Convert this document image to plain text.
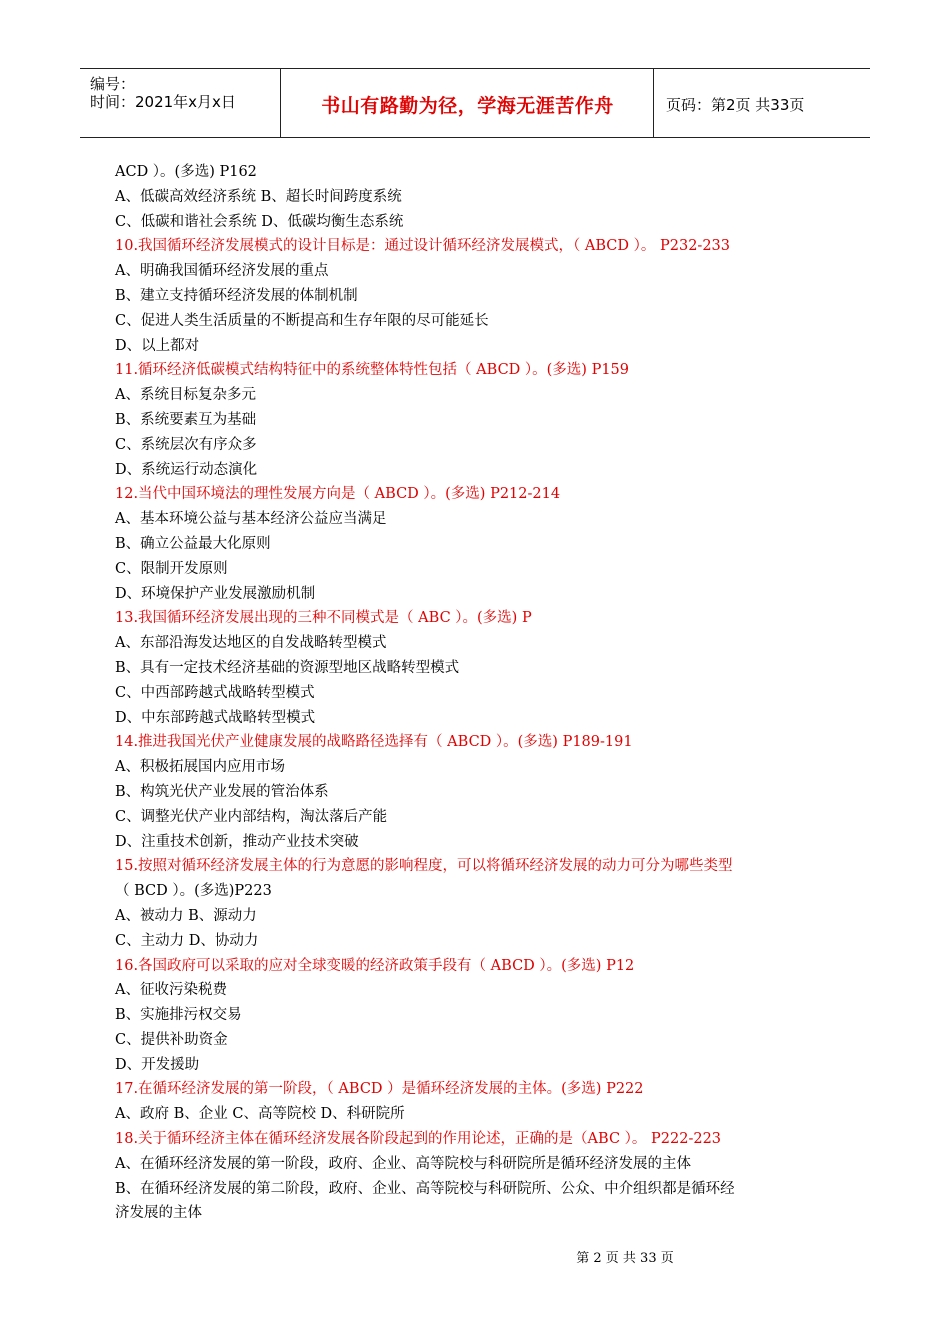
编号：
时间：2021年x月x日	书山有路勤为径，学海无涯苦作舟	页码：第2页 共33页
ACD ）。(多选) P162
A、低碳高效经济系统 B、超长时间跨度系统
C、低碳和谐社会系统 D、低碳均衡生态系统
10.我国循环经济发展模式的设计目标是：通过设计循环经济发展模式，（ ABCD ）。 P232-233
A、明确我国循环经济发展的重点
B、建立支持循环经济发展的体制机制
C、促进人类生活质量的不断提高和生存年限的尽可能延长
D、以上都对
11.循环经济低碳模式结构特征中的系统整体特性包括（ ABCD ）。(多选) P159
A、系统目标复杂多元
B、系统要素互为基础
C、系统层次有序众多
D、系统运行动态演化
12.当代中国环境法的理性发展方向是（ ABCD ）。(多选) P212-214
A、基本环境公益与基本经济公益应当满足
B、确立公益最大化原则
C、限制开发原则
D、环境保护产业发展激励机制
13.我国循环经济发展出现的三种不同模式是（ ABC ）。(多选) P
A、东部沿海发达地区的自发战略转型模式
B、具有一定技术经济基础的资源型地区战略转型模式
C、中西部跨越式战略转型模式
D、中东部跨越式战略转型模式
14.推进我国光伏产业健康发展的战略路径选择有（ ABCD ）。(多选) P189-191
A、积极拓展国内应用市场
B、构筑光伏产业发展的管治体系
C、调整光伏产业内部结构，淘汰落后产能
D、注重技术创新，推动产业技术突破
15.按照对循环经济发展主体的行为意愿的影响程度，可以将循环经济发展的动力可分为哪些类型
（ BCD ）。(多选)P223
A、被动力 B、源动力
C、主动力 D、协动力
16.各国政府可以采取的应对全球变暖的经济政策手段有（ ABCD ）。(多选) P12
A、征收污染税费
B、实施排污权交易
C、提供补助资金
D、开发援助
17.在循环经济发展的第一阶段，（ ABCD ）是循环经济发展的主体。(多选) P222
A、政府 B、企业 C、高等院校 D、科研院所
18.关于循环经济主体在循环经济发展各阶段起到的作用论述，正确的是（ABC ）。 P222-223
A、在循环经济发展的第一阶段，政府、企业、高等院校与科研院所是循环经济发展的主体
B、在循环经济发展的第二阶段，政府、企业、高等院校与科研院所、公众、中介组织都是循环经
济发展的主体
第 2 页 共 33 页
